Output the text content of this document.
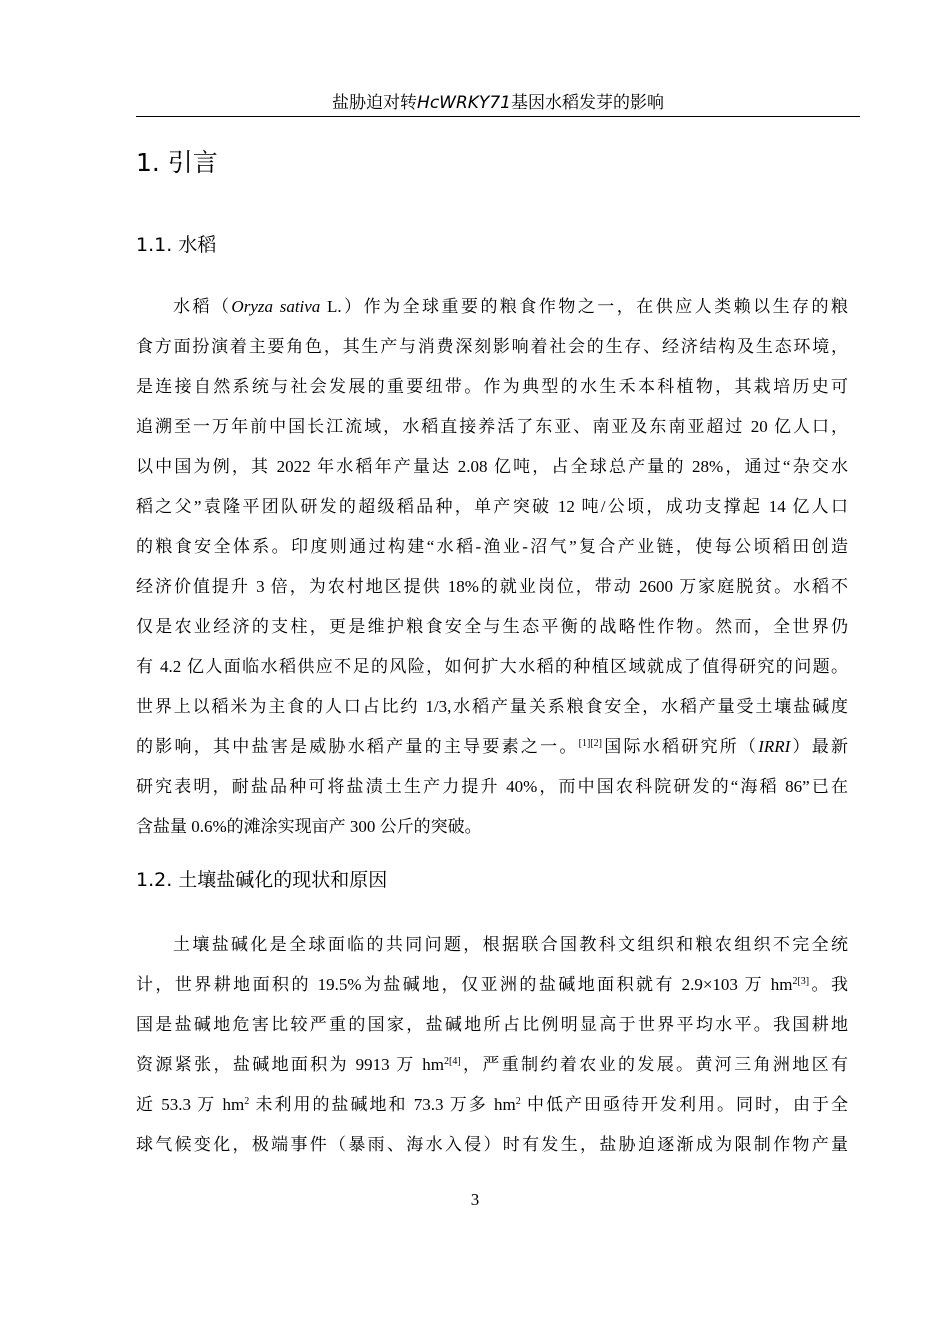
盐胁迫对转HcWRKY71基因水稻发芽的影响
1. 引言
1.1. 水稻
水稻（Oryza sativa L.）作为全球重要的粮食作物之一，在供应人类赖以生存的粮
食方面扮演着主要角色，其生产与消费深刻影响着社会的生存、经济结构及生态环境，
是连接自然系统与社会发展的重要纽带。作为典型的水生禾本科植物，其栽培历史可
追溯至一万年前中国长江流域，水稻直接养活了东亚、南亚及东南亚超过 20 亿人口，
以中国为例，其 2022 年水稻年产量达 2.08 亿吨，占全球总产量的 28%，通过“杂交水
稻之父”袁隆平团队研发的超级稻品种，单产突破 12 吨/公顷，成功支撑起 14 亿人口
的粮食安全体系。印度则通过构建“水稻-渔业-沼气”复合产业链，使每公顷稻田创造
经济价值提升 3 倍，为农村地区提供 18%的就业岗位，带动 2600 万家庭脱贫。水稻不
仅是农业经济的支柱，更是维护粮食安全与生态平衡的战略性作物。然而，全世界仍
有 4.2 亿人面临水稻供应不足的风险，如何扩大水稻的种植区域就成了值得研究的问题。
世界上以稻米为主食的人口占比约 1/3,水稻产量关系粮食安全，水稻产量受土壤盐碱度
的影响，其中盐害是威胁水稻产量的主导要素之一。[1][2]国际水稻研究所（IRRI）最新
研究表明，耐盐品种可将盐渍土生产力提升 40%，而中国农科院研发的“海稻 86”已在
含盐量 0.6%的滩涂实现亩产 300 公斤的突破。
1.2. 土壤盐碱化的现状和原因
土壤盐碱化是全球面临的共同问题，根据联合国教科文组织和粮农组织不完全统
计，世界耕地面积的 19.5%为盐碱地，仅亚洲的盐碱地面积就有 2.9×103 万 $hm^{2[3]}$。我
国是盐碱地危害比较严重的国家，盐碱地所占比例明显高于世界平均水平。我国耕地
资源紧张，盐碱地面积为 9913 万 $hm^{2[4]}$，严重制约着农业的发展。黄河三角洲地区有
近 53.3 万 $hm^2$ 未利用的盐碱地和 73.3 万多 $hm^2$ 中低产田亟待开发利用。同时，由于全
球气候变化，极端事件（暴雨、海水入侵）时有发生，盐胁迫逐渐成为限制作物产量
3
